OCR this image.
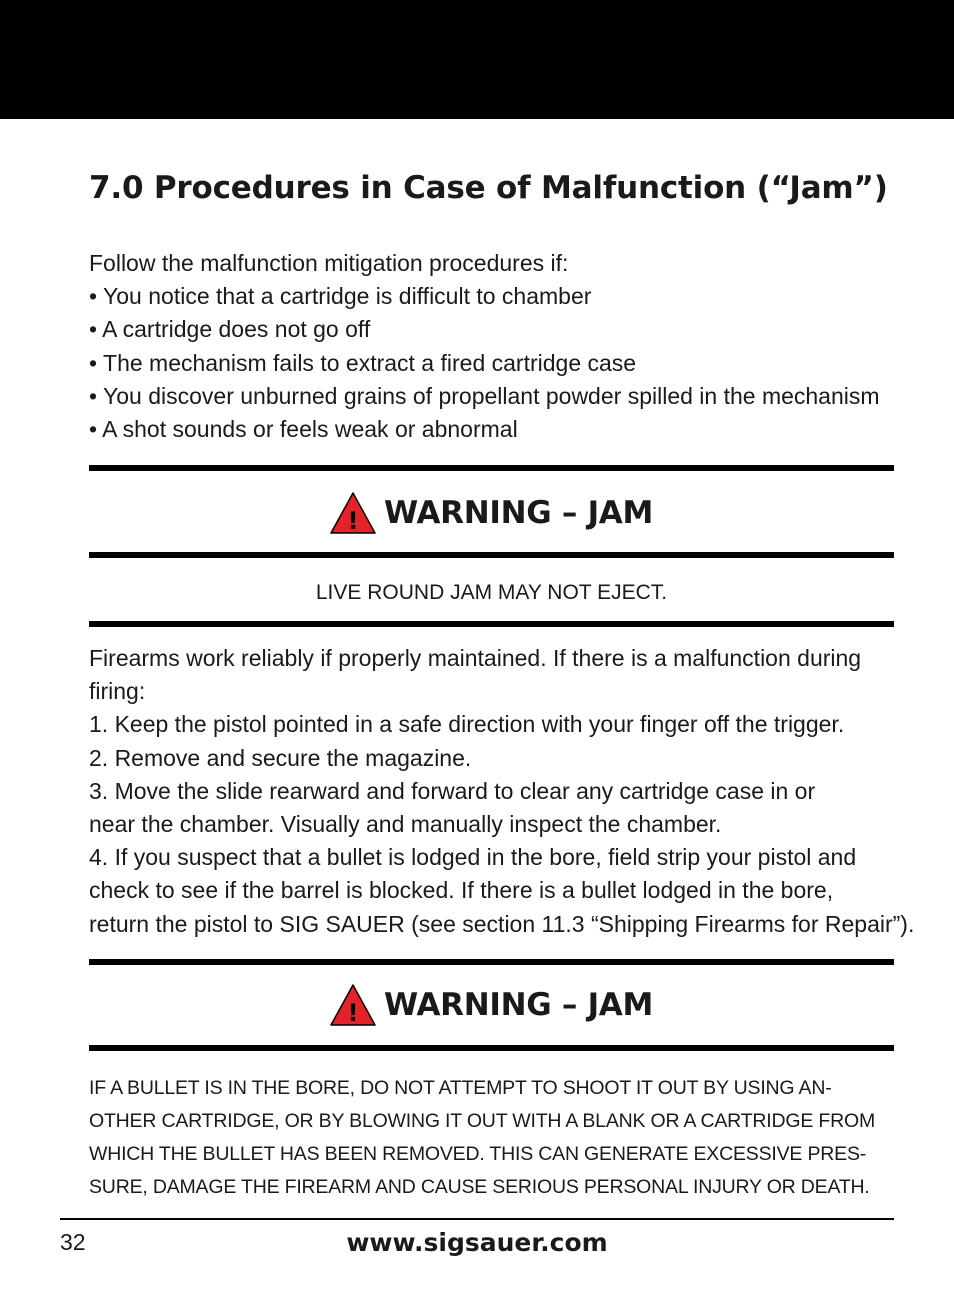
7.0 Procedures in Case of Malfunction (“Jam”)
Follow the malfunction mitigation procedures if:
• You notice that a cartridge is difficult to chamber
• A cartridge does not go off
• The mechanism fails to extract a fired cartridge case
• You discover unburned grains of propellant powder spilled in the mechanism
• A shot sounds or feels weak or abnormal
! WARNING – JAM
LIVE ROUND JAM MAY NOT EJECT.
Firearms work reliably if properly maintained. If there is a malfunction during
firing:
1. Keep the pistol pointed in a safe direction with your finger off the trigger.
2. Remove and secure the magazine.
3. Move the slide rearward and forward to clear any cartridge case in or
near the chamber. Visually and manually inspect the chamber.
4. If you suspect that a bullet is lodged in the bore, field strip your pistol and
check to see if the barrel is blocked. If there is a bullet lodged in the bore,
return the pistol to SIG SAUER (see section 11.3 “Shipping Firearms for Repair”).
! WARNING – JAM
IF A BULLET IS IN THE BORE, DO NOT ATTEMPT TO SHOOT IT OUT BY USING AN-
OTHER CARTRIDGE, OR BY BLOWING IT OUT WITH A BLANK OR A CARTRIDGE FROM
WHICH THE BULLET HAS BEEN REMOVED. THIS CAN GENERATE EXCESSIVE PRES-
SURE, DAMAGE THE FIREARM AND CAUSE SERIOUS PERSONAL INJURY OR DEATH.
32	www.sigsauer.com
